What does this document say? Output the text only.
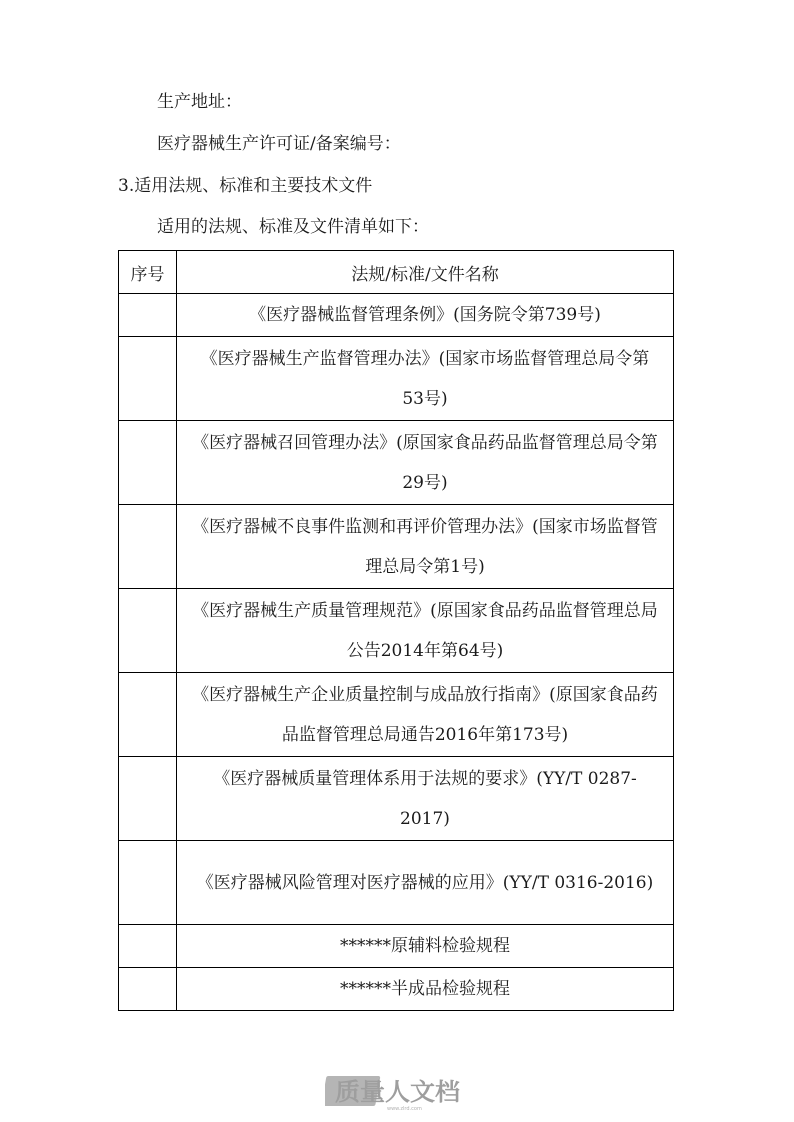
生产地址：
医疗器械生产许可证/备案编号：
3.适用法规、标准和主要技术文件
适用的法规、标准及文件清单如下：
序号	法规/标准/文件名称

	《医疗器械监督管理条例》(国务院令第739号)

	《医疗器械生产监督管理办法》(国家市场监督管理总局令第53号)

	《医疗器械召回管理办法》(原国家食品药品监督管理总局令第29号)

	《医疗器械不良事件监测和再评价管理办法》(国家市场监督管理总局令第1号)

	《医疗器械生产质量管理规范》(原国家食品药品监督管理总局公告2014年第64号)

	《医疗器械生产企业质量控制与成品放行指南》(原国家食品药品监督管理总局通告2016年第173号)

	《医疗器械质量管理体系用于法规的要求》(YY/T 0287-2017)

	《医疗器械风险管理对医疗器械的应用》(YY/T 0316-2016)

	******原辅料检验规程

	******半成品检验规程
质量人文档
www.zlrd.com
